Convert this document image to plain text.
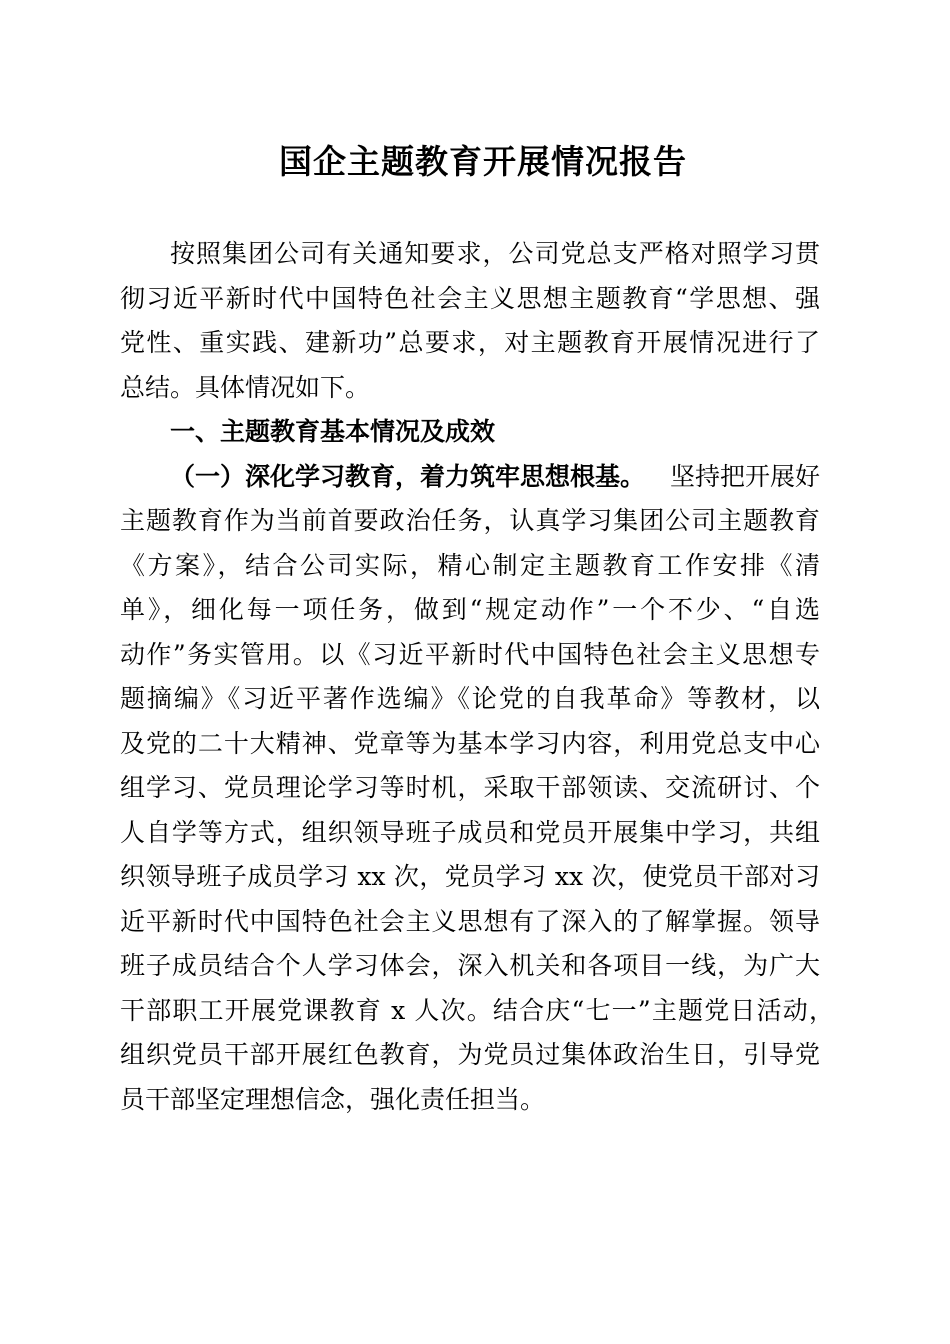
国企主题教育开展情况报告
按照集团公司有关通知要求，公司党总支严格对照学习贯
彻习近平新时代中国特色社会主义思想主题教育“学思想、强
党性、重实践、建新功”总要求，对主题教育开展情况进行了
总结。具体情况如下。
一、主题教育基本情况及成效
（一）深化学习教育，着力筑牢思想根基。 坚持把开展好
主题教育作为当前首要政治任务，认真学习集团公司主题教育
《方案》，结合公司实际，精心制定主题教育工作安排《清
单》，细化每一项任务，做到“规定动作”一个不少、“自选
动作”务实管用。以《习近平新时代中国特色社会主义思想专
题摘编》《习近平著作选编》《论党的自我革命》等教材，以
及党的二十大精神、党章等为基本学习内容，利用党总支中心
组学习、党员理论学习等时机，采取干部领读、交流研讨、个
人自学等方式，组织领导班子成员和党员开展集中学习，共组
织领导班子成员学习 xx 次，党员学习 xx 次，使党员干部对习
近平新时代中国特色社会主义思想有了深入的了解掌握。领导
班子成员结合个人学习体会，深入机关和各项目一线，为广大
干部职工开展党课教育 x 人次。结合庆“七一”主题党日活动，
组织党员干部开展红色教育，为党员过集体政治生日，引导党
员干部坚定理想信念，强化责任担当。
